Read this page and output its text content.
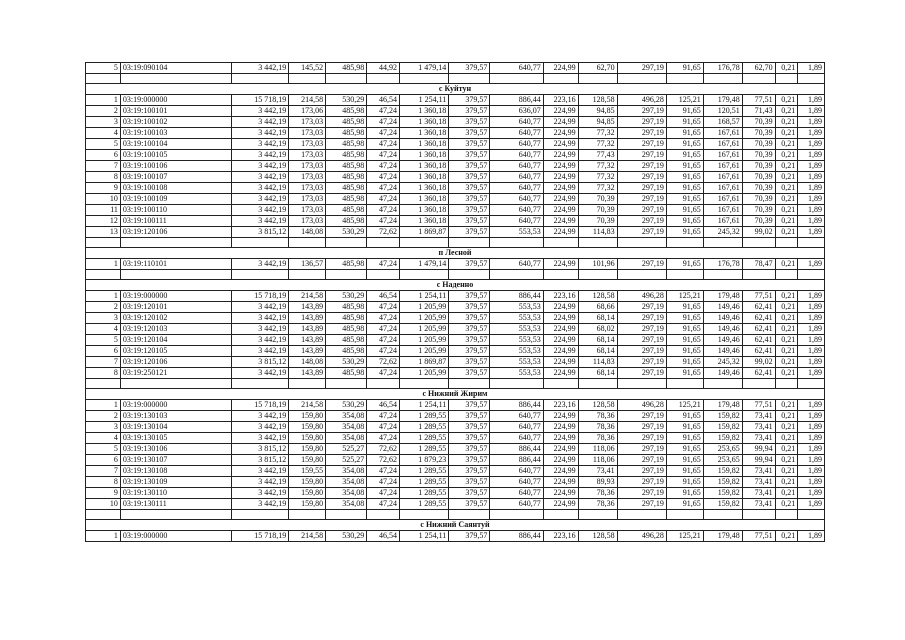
5	03:19:090104	3 442,19	145,52	485,98	44,92	1 479,14	379,57	640,77	224,99	62,70	297,19	91,65	176,78	62,70	0,21	1,89

с Куйтун																
1	03:19:000000	15 718,19	214,58	530,29	46,54	1 254,11	379,57	886,44	223,16	128,58	496,28	125,21	179,48	77,51	0,21	1,89
2	03:19:100101	3 442,19	173,06	485,98	47,24	1 360,18	379,57	636,07	224,99	94,85	297,19	91,65	120,51	71,43	0,21	1,89
3	03:19:100102	3 442,19	173,03	485,98	47,24	1 360,18	379,57	640,77	224,99	94,85	297,19	91,65	168,57	70,39	0,21	1,89
4	03:19:100103	3 442,19	173,03	485,98	47,24	1 360,18	379,57	640,77	224,99	77,32	297,19	91,65	167,61	70,39	0,21	1,89
5	03:19:100104	3 442,19	173,03	485,98	47,24	1 360,18	379,57	640,77	224,99	77,32	297,19	91,65	167,61	70,39	0,21	1,89
6	03:19:100105	3 442,19	173,03	485,98	47,24	1 360,18	379,57	640,77	224,99	77,43	297,19	91,65	167,61	70,39	0,21	1,89
7	03:19:100106	3 442,19	173,03	485,98	47,24	1 360,18	379,57	640,77	224,99	77,32	297,19	91,65	167,61	70,39	0,21	1,89
8	03:19:100107	3 442,19	173,03	485,98	47,24	1 360,18	379,57	640,77	224,99	77,32	297,19	91,65	167,61	70,39	0,21	1,89
9	03:19:100108	3 442,19	173,03	485,98	47,24	1 360,18	379,57	640,77	224,99	77,32	297,19	91,65	167,61	70,39	0,21	1,89
10	03:19:100109	3 442,19	173,03	485,98	47,24	1 360,18	379,57	640,77	224,99	70,39	297,19	91,65	167,61	70,39	0,21	1,89
11	03:19:100110	3 442,19	173,03	485,98	47,24	1 360,18	379,57	640,77	224,99	70,39	297,19	91,65	167,61	70,39	0,21	1,89
12	03:19:100111	3 442,19	173,03	485,98	47,24	1 360,18	379,57	640,77	224,99	70,39	297,19	91,65	167,61	70,39	0,21	1,89
13	03:19:120106	3 815,12	148,08	530,29	72,62	1 869,87	379,57	553,53	224,99	114,83	297,19	91,65	245,32	99,02	0,21	1,89

п Лесной																
1	03:19:110101	3 442,19	136,57	485,98	47,24	1 479,14	379,57	640,77	224,99	101,96	297,19	91,65	176,78	78,47	0,21	1,89

с Наденно																
1	03:19:000000	15 718,19	214,58	530,29	46,54	1 254,11	379,57	886,44	223,16	128,58	496,28	125,21	179,48	77,51	0,21	1,89
2	03:19:120101	3 442,19	143,89	485,98	47,24	1 205,99	379,57	553,53	224,99	68,66	297,19	91,65	149,46	62,41	0,21	1,89
3	03:19:120102	3 442,19	143,89	485,98	47,24	1 205,99	379,57	553,53	224,99	68,14	297,19	91,65	149,46	62,41	0,21	1,89
4	03:19:120103	3 442,19	143,89	485,98	47,24	1 205,99	379,57	553,53	224,99	68,02	297,19	91,65	149,46	62,41	0,21	1,89
5	03:19:120104	3 442,19	143,89	485,98	47,24	1 205,99	379,57	553,53	224,99	68,14	297,19	91,65	149,46	62,41	0,21	1,89
6	03:19:120105	3 442,19	143,89	485,98	47,24	1 205,99	379,57	553,53	224,99	68,14	297,19	91,65	149,46	62,41	0,21	1,89
7	03:19:120106	3 815,12	148,08	530,29	72,62	1 869,87	379,57	553,53	224,99	114,83	297,19	91,65	245,32	99,02	0,21	1,89
8	03:19:250121	3 442,19	143,89	485,98	47,24	1 205,99	379,57	553,53	224,99	68,14	297,19	91,65	149,46	62,41	0,21	1,89

с Нижний Жирим																
1	03:19:000000	15 718,19	214,58	530,29	46,54	1 254,11	379,57	886,44	223,16	128,58	496,28	125,21	179,48	77,51	0,21	1,89
2	03:19:130103	3 442,19	159,80	354,08	47,24	1 289,55	379,57	640,77	224,99	78,36	297,19	91,65	159,82	73,41	0,21	1,89
3	03:19:130104	3 442,19	159,80	354,08	47,24	1 289,55	379,57	640,77	224,99	78,36	297,19	91,65	159,82	73,41	0,21	1,89
4	03:19:130105	3 442,19	159,80	354,08	47,24	1 289,55	379,57	640,77	224,99	78,36	297,19	91,65	159,82	73,41	0,21	1,89
5	03:19:130106	3 815,12	159,80	525,27	72,62	1 289,55	379,57	886,44	224,99	118,06	297,19	91,65	253,65	99,94	0,21	1,89
6	03:19:130107	3 815,12	159,80	525,27	72,62	1 879,23	379,57	886,44	224,99	118,06	297,19	91,65	253,65	99,94	0,21	1,89
7	03:19:130108	3 442,19	159,55	354,08	47,24	1 289,55	379,57	640,77	224,99	73,41	297,19	91,65	159,82	73,41	0,21	1,89
8	03:19:130109	3 442,19	159,80	354,08	47,24	1 289,55	379,57	640,77	224,99	89,93	297,19	91,65	159,82	73,41	0,21	1,89
9	03:19:130110	3 442,19	159,80	354,08	47,24	1 289,55	379,57	640,77	224,99	78,36	297,19	91,65	159,82	73,41	0,21	1,89
10	03:19:130111	3 442,19	159,80	354,08	47,24	1 289,55	379,57	640,77	224,99	78,36	297,19	91,65	159,82	73,41	0,21	1,89

с Нижний Саянтуй																
1	03:19:000000	15 718,19	214,58	530,29	46,54	1 254,11	379,57	886,44	223,16	128,58	496,28	125,21	179,48	77,51	0,21	1,89
